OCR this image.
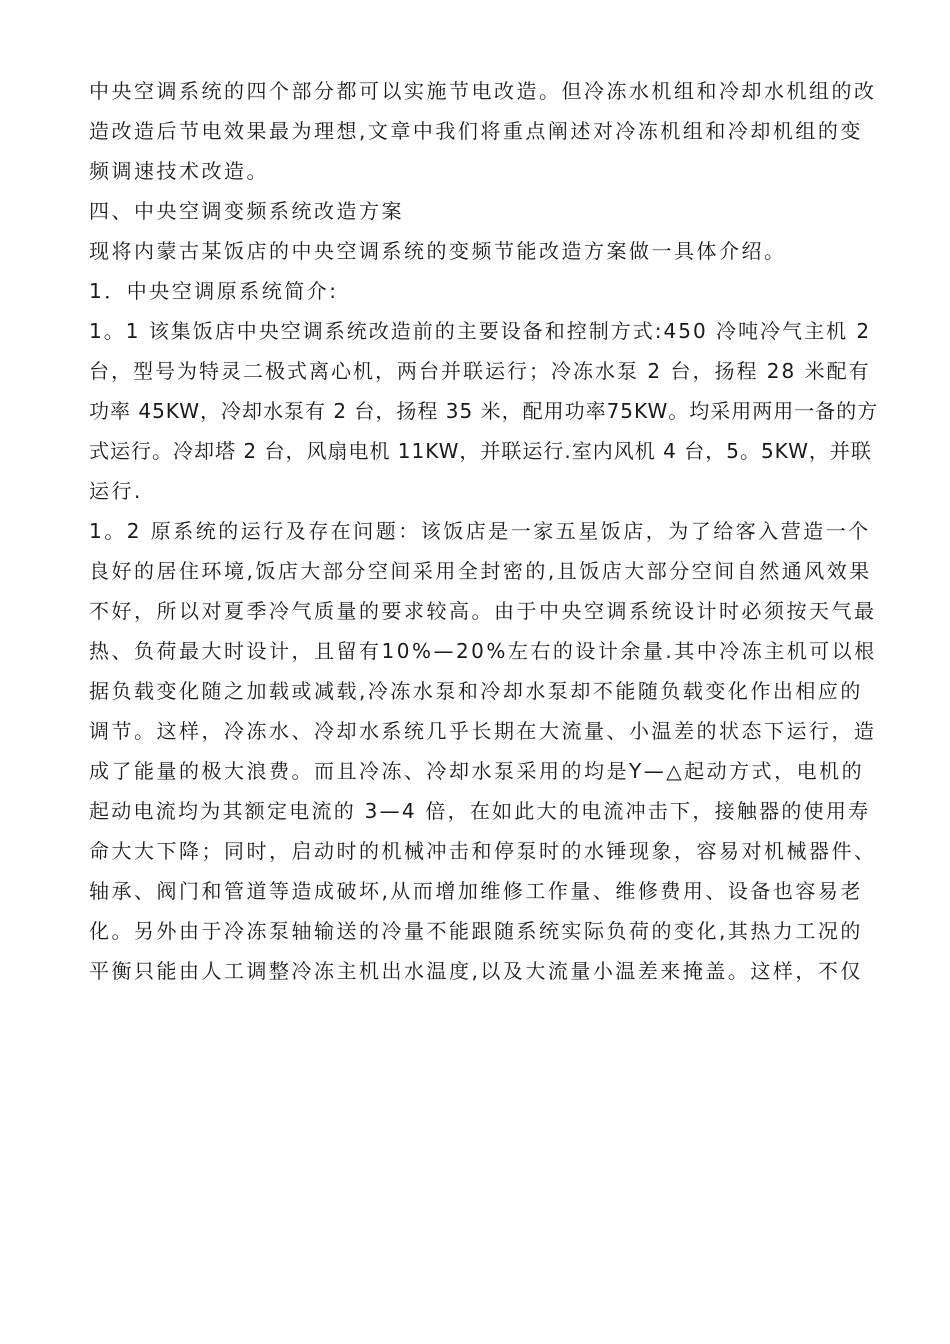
中央空调系统的四个部分都可以实施节电改造。但冷冻水机组和冷却水机组的改
造改造后节电效果最为理想,文章中我们将重点阐述对冷冻机组和冷却机组的变
频调速技术改造。
四、中央空调变频系统改造方案
现将内蒙古某饭店的中央空调系统的变频节能改造方案做一具体介绍。
1．中央空调原系统简介:
1。1 该集饭店中央空调系统改造前的主要设备和控制方式:450 冷吨冷气主机 2
台，型号为特灵二极式离心机，两台并联运行；冷冻水泵 2 台，扬程 28 米配有
功率 45KW，冷却水泵有 2 台，扬程 35 米，配用功率75KW。均采用两用一备的方
式运行。冷却塔 2 台，风扇电机 11KW，并联运行.室内风机 4 台，5。5KW，并联
运行.
1。2 原系统的运行及存在问题：该饭店是一家五星饭店，为了给客入营造一个
良好的居住环境,饭店大部分空间采用全封密的,且饭店大部分空间自然通风效果
不好，所以对夏季冷气质量的要求较高。由于中央空调系统设计时必须按天气最
热、负荷最大时设计，且留有10%—20%左右的设计余量.其中冷冻主机可以根
据负载变化随之加载或减载,冷冻水泵和冷却水泵却不能随负载变化作出相应的
调节。这样，冷冻水、冷却水系统几乎长期在大流量、小温差的状态下运行，造
成了能量的极大浪费。而且冷冻、冷却水泵采用的均是Y—△起动方式，电机的
起动电流均为其额定电流的 3—4 倍，在如此大的电流冲击下，接触器的使用寿
命大大下降；同时，启动时的机械冲击和停泵时的水锤现象，容易对机械器件、
轴承、阀门和管道等造成破坏,从而增加维修工作量、维修费用、设备也容易老
化。另外由于冷冻泵轴输送的冷量不能跟随系统实际负荷的变化,其热力工况的
平衡只能由人工调整冷冻主机出水温度,以及大流量小温差来掩盖。这样，不仅
